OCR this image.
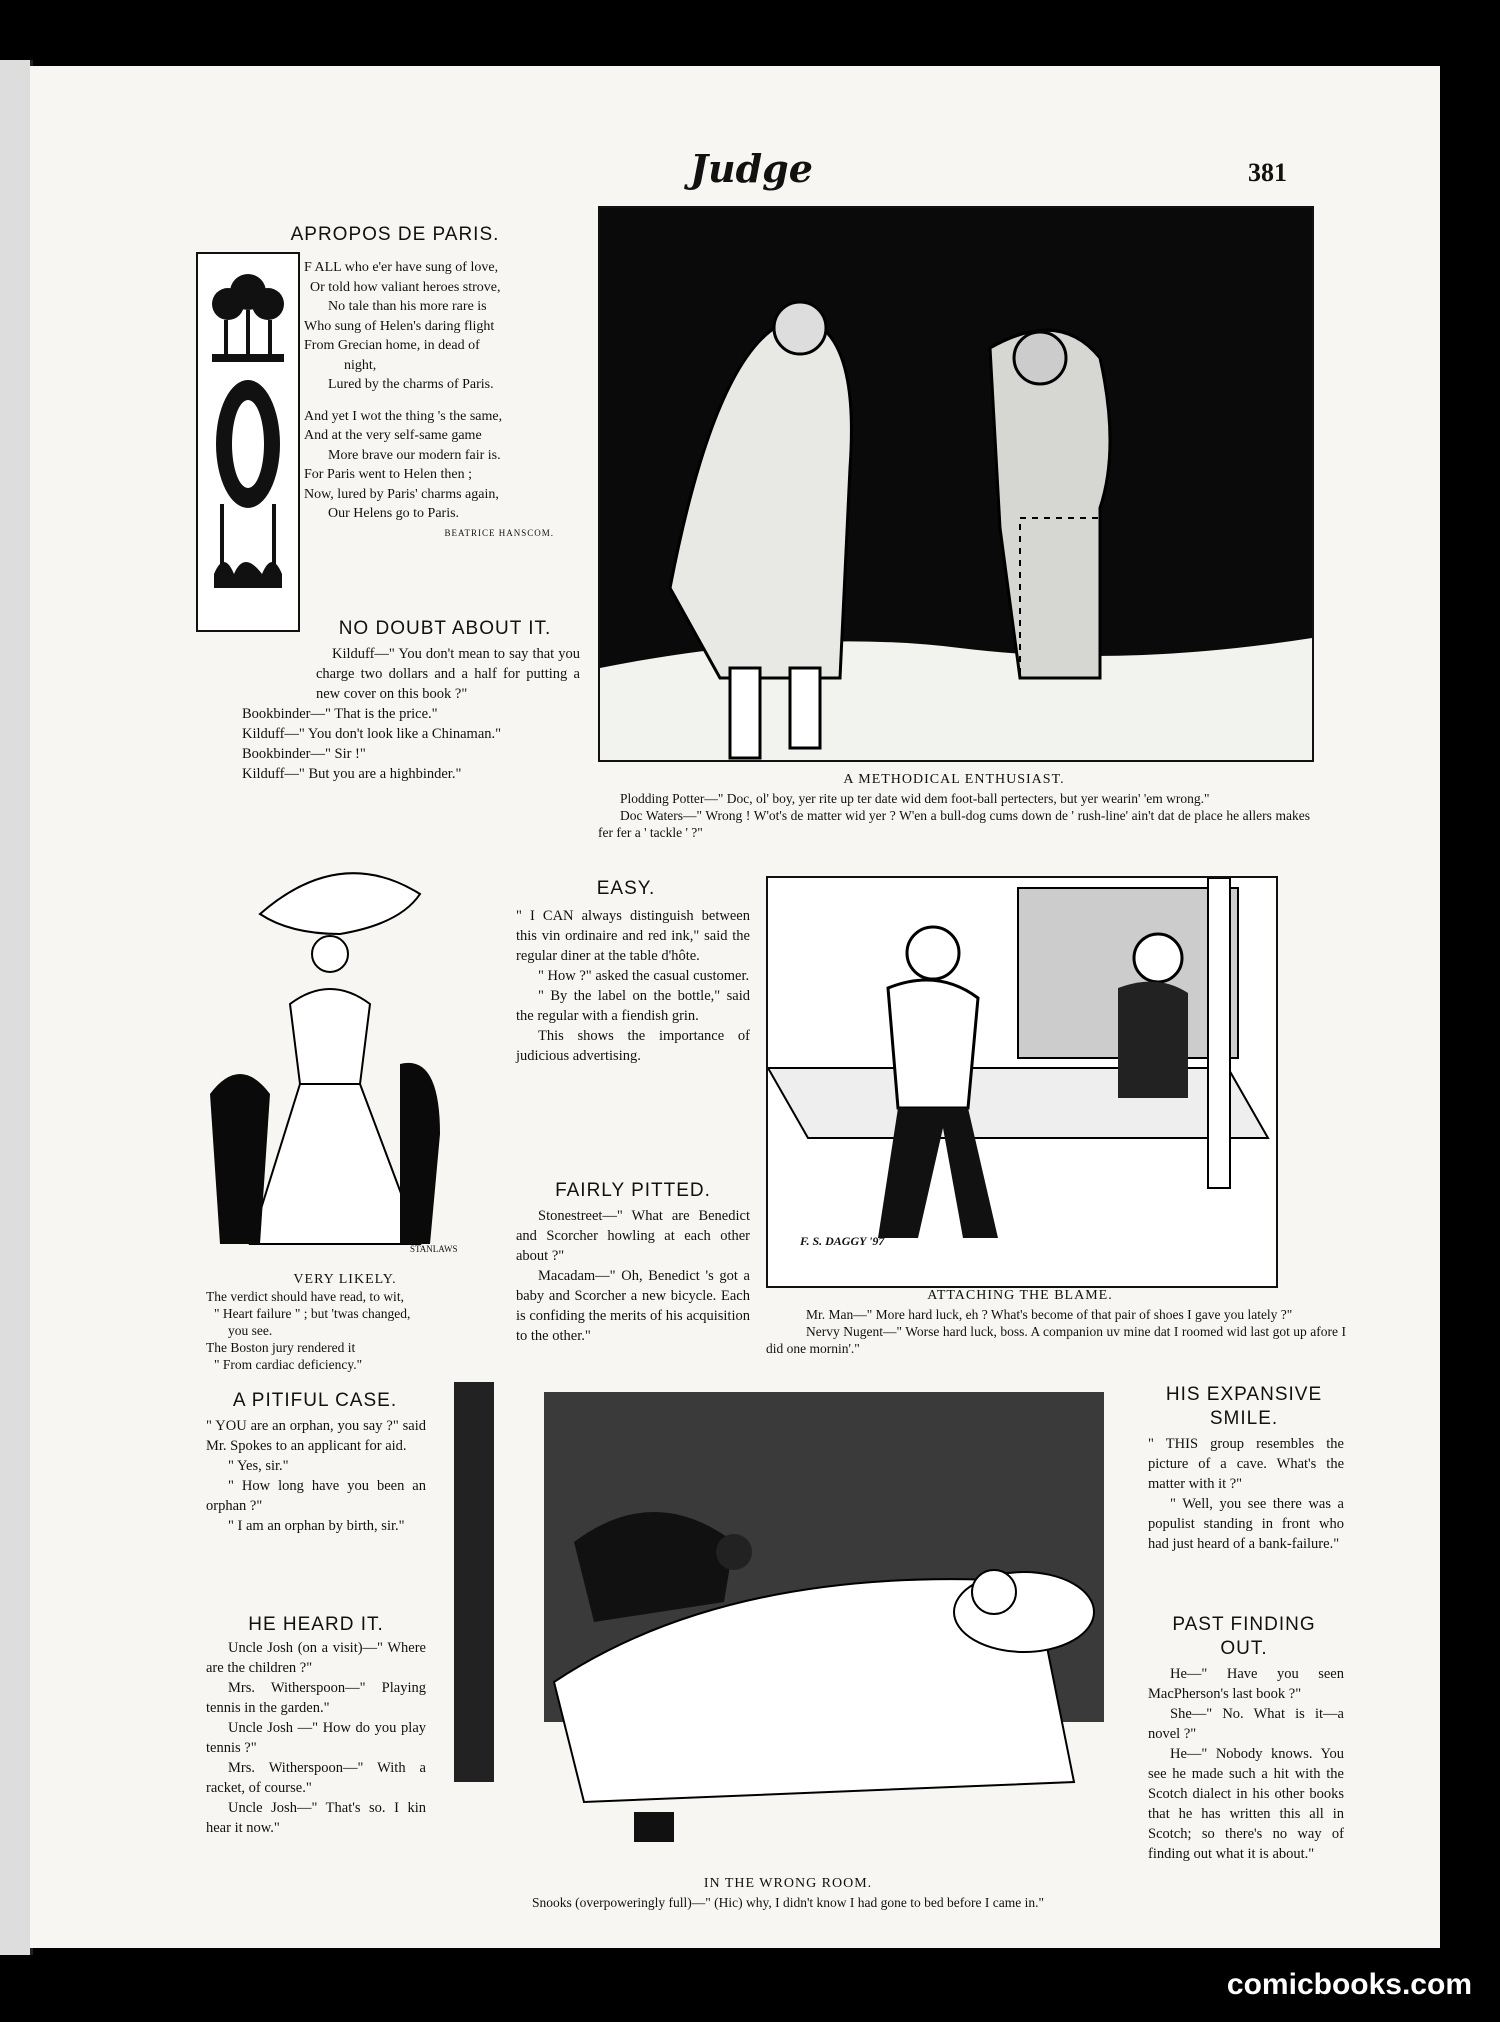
Judge	381
APROPOS DE PARIS.

F ALL who e'er have sung of love,

Or told how valiant heroes strove,

No tale than his more rare is

Who sung of Helen's daring flight

From Grecian home, in dead of

night,

Lured by the charms of Paris.

And yet I wot the thing 's the same,

And at the very self-same game

More brave our modern fair is.

For Paris went to Helen then ;

Now, lured by Paris' charms again,

Our Helens go to Paris.

BEATRICE HANSCOM.

NO DOUBT ABOUT IT.

Kilduff—" You don't mean to say that you charge two dollars and a half for putting a new cover on this book ?"

Bookbinder—" That is the price."

Kilduff—" You don't look like a Chinaman."

Bookbinder—" Sir !"

Kilduff—" But you are a highbinder."	A METHODICAL ENTHUSIAST.

Plodding Potter—" Doc, ol' boy, yer rite up ter date wid dem foot-ball pertecters, but yer wearin' 'em wrong."

Doc Waters—" Wrong ! W'ot's de matter wid yer ? W'en a bull-dog cums down de ' rush-line' ain't dat de place he allers makes fer fer a ' tackle ' ?"

STANLAWS
VERY LIKELY.

The verdict should have read, to wit,

" Heart failure " ; but 'twas changed,

you see.

The Boston jury rendered it

" From cardiac deficiency."

EASY.

" I CAN always distinguish between this vin ordinaire and red ink," said the regular diner at the table d'hôte.

" How ?" asked the casual customer.

" By the label on the bottle," said the regular with a fiendish grin.

This shows the importance of judicious advertising.

FAIRLY PITTED.

Stonestreet—" What are Benedict and Scorcher howling at each other about ?"

Macadam—" Oh, Benedict 's got a baby and Scorcher a new bicycle. Each is confiding the merits of his acquisition to the other."

F. S. DAGGY '97
ATTACHING THE BLAME.

Mr. Man—" More hard luck, eh ? What's become of that pair of shoes I gave you lately ?"

Nervy Nugent—" Worse hard luck, boss. A companion uv mine dat I roomed wid last got up afore I did one mornin'."

A PITIFUL CASE.

" YOU are an orphan, you say ?" said Mr. Spokes to an applicant for aid.

" Yes, sir."

" How long have you been an orphan ?"

" I am an orphan by birth, sir."

HE HEARD IT.

Uncle Josh (on a visit)—" Where are the children ?"

Mrs. Witherspoon—" Playing tennis in the garden."

Uncle Josh —" How do you play tennis ?"

Mrs. Witherspoon—" With a racket, of course."

Uncle Josh—" That's so. I kin hear it now."

IN THE WRONG ROOM.
Snooks (overpoweringly full)—" (Hic) why, I didn't know I had gone to bed before I came in."
HIS EXPANSIVE
SMILE.

" THIS group resembles the picture of a cave. What's the matter with it ?"

" Well, you see there was a populist standing in front who had just heard of a bank-failure."

PAST FINDING
OUT.

He—" Have you seen MacPherson's last book ?"

She—" No. What is it—a novel ?"

He—" Nobody knows. You see he made such a hit with the Scotch dialect in his other books that he has written this all in Scotch; so there's no way of finding out what it is about."

comicbooks.com
